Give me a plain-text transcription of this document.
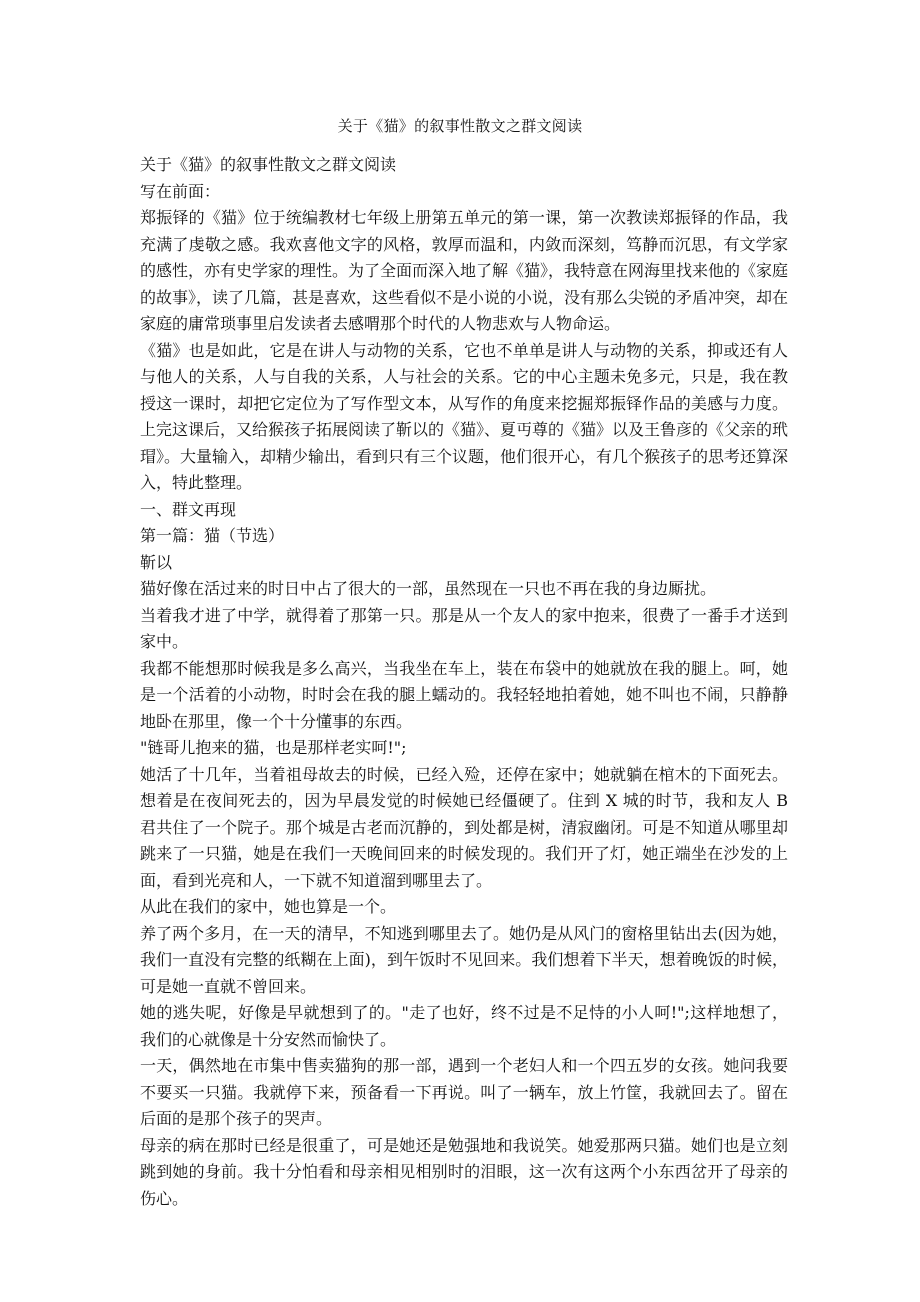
关于《猫》的叙事性散文之群文阅读

关于《猫》的叙事性散文之群文阅读

写在前面：

郑振铎的《猫》位于统编教材七年级上册第五单元的第一课，第一次教读郑振铎的作品，我充满了虔敬之感。我欢喜他文字的风格，敦厚而温和，内敛而深刻，笃静而沉思，有文学家的感性，亦有史学家的理性。为了全面而深入地了解《猫》，我特意在网海里找来他的《家庭的故事》，读了几篇，甚是喜欢，这些看似不是小说的小说，没有那么尖锐的矛盾冲突，却在家庭的庸常琐事里启发读者去感喟那个时代的人物悲欢与人物命运。

《猫》也是如此，它是在讲人与动物的关系，它也不单单是讲人与动物的关系，抑或还有人与他人的关系，人与自我的关系，人与社会的关系。它的中心主题未免多元，只是，我在教授这一课时，却把它定位为了写作型文本，从写作的角度来挖掘郑振铎作品的美感与力度。上完这课后，又给猴孩子拓展阅读了靳以的《猫》、夏丏尊的《猫》以及王鲁彦的《父亲的玳瑁》。大量输入，却精少输出，看到只有三个议题，他们很开心，有几个猴孩子的思考还算深入，特此整理。

一、群文再现

第一篇：猫（节选）

靳以

猫好像在活过来的时日中占了很大的一部，虽然现在一只也不再在我的身边厮扰。

当着我才进了中学，就得着了那第一只。那是从一个友人的家中抱来，很费了一番手才送到家中。

我都不能想那时候我是多么高兴，当我坐在车上，装在布袋中的她就放在我的腿上。呵，她是一个活着的小动物，时时会在我的腿上蠕动的。我轻轻地拍着她，她不叫也不闹，只静静地卧在那里，像一个十分懂事的东西。

"链哥儿抱来的猫，也是那样老实呵!";

她活了十几年，当着祖母故去的时候，已经入殓，还停在家中；她就躺在棺木的下面死去。想着是在夜间死去的，因为早晨发觉的时候她已经僵硬了。住到 X 城的时节，我和友人 B 君共住了一个院子。那个城是古老而沉静的，到处都是树，清寂幽闭。可是不知道从哪里却跳来了一只猫，她是在我们一天晚间回来的时候发现的。我们开了灯，她正端坐在沙发的上面，看到光亮和人，一下就不知道溜到哪里去了。

从此在我们的家中，她也算是一个。

养了两个多月，在一天的清早，不知逃到哪里去了。她仍是从风门的窗格里钻出去(因为她，我们一直没有完整的纸糊在上面)，到午饭时不见回来。我们想着下半天，想着晚饭的时候，可是她一直就不曾回来。

她的逃失呢，好像是早就想到了的。"走了也好，终不过是不足恃的小人呵!";这样地想了，我们的心就像是十分安然而愉快了。

一天，偶然地在市集中售卖猫狗的那一部，遇到一个老妇人和一个四五岁的女孩。她问我要不要买一只猫。我就停下来，预备看一下再说。叫了一辆车，放上竹筐，我就回去了。留在后面的是那个孩子的哭声。

母亲的病在那时已经是很重了，可是她还是勉强地和我说笑。她爱那两只猫。她们也是立刻跳到她的身前。我十分怕看和母亲相见相别时的泪眼，这一次有这两个小东西岔开了母亲的伤心。
